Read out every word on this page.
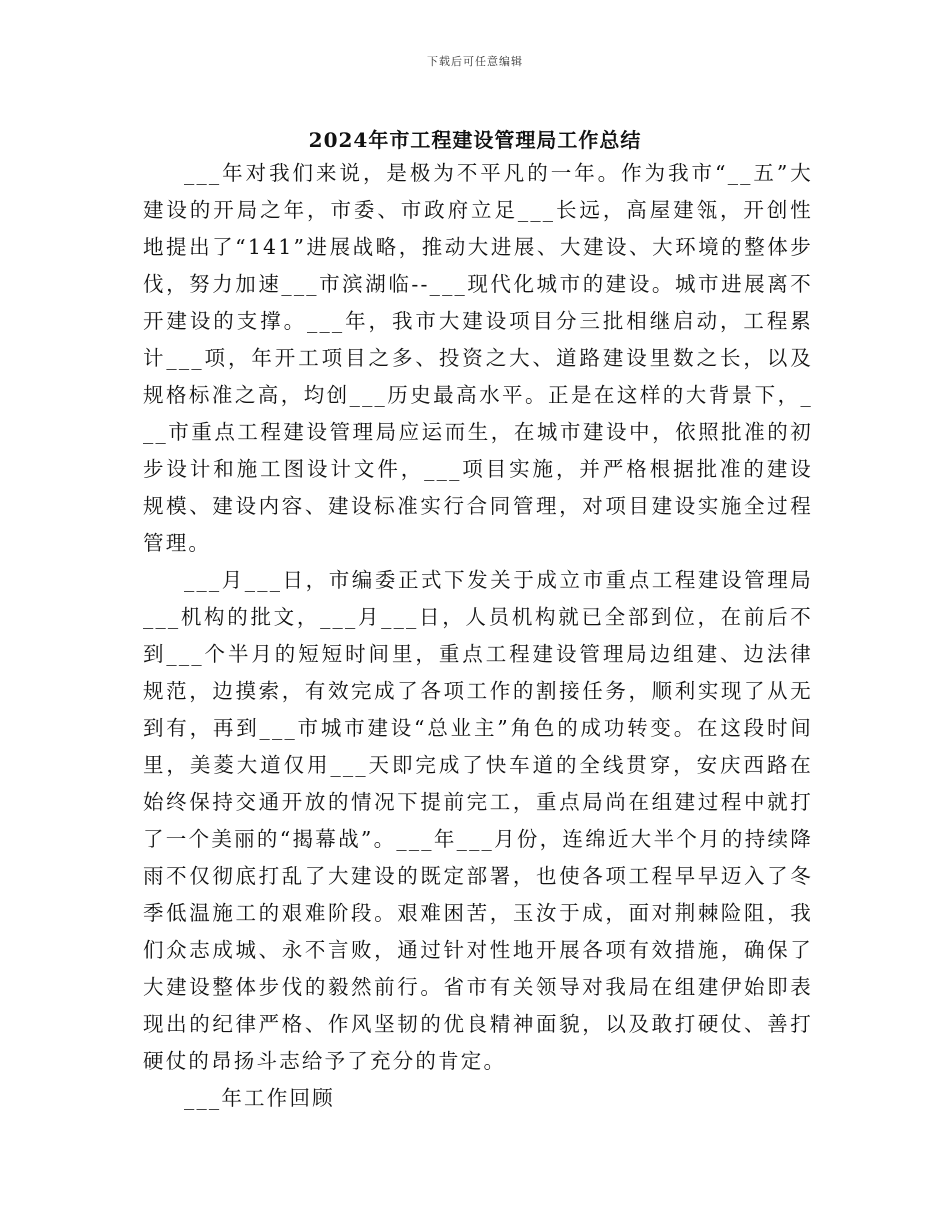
下载后可任意编辑
2024年市工程建设管理局工作总结

___年对我们来说，是极为不平凡的一年。作为我市“__五”大建设的开局之年，市委、市政府立足___长远，高屋建瓴，开创性地提出了“141”进展战略，推动大进展、大建设、大环境的整体步伐，努力加速___市滨湖临--___现代化城市的建设。城市进展离不开建设的支撑。___年，我市大建设项目分三批相继启动，工程累计___项，年开工项目之多、投资之大、道路建设里数之长，以及规格标准之高，均创___历史最高水平。正是在这样的大背景下，___市重点工程建设管理局应运而生，在城市建设中，依照批准的初步设计和施工图设计文件，___项目实施，并严格根据批准的建设规模、建设内容、建设标准实行合同管理，对项目建设实施全过程管理。

___月___日，市编委正式下发关于成立市重点工程建设管理局___机构的批文，___月___日，人员机构就已全部到位，在前后不到___个半月的短短时间里，重点工程建设管理局边组建、边法律规范，边摸索，有效完成了各项工作的割接任务，顺利实现了从无到有，再到___市城市建设“总业主”角色的成功转变。在这段时间里，美菱大道仅用___天即完成了快车道的全线贯穿，安庆西路在始终保持交通开放的情况下提前完工，重点局尚在组建过程中就打了一个美丽的“揭幕战”。___年___月份，连绵近大半个月的持续降雨不仅彻底打乱了大建设的既定部署，也使各项工程早早迈入了冬季低温施工的艰难阶段。艰难困苦，玉汝于成，面对荆棘险阻，我们众志成城、永不言败，通过针对性地开展各项有效措施，确保了大建设整体步伐的毅然前行。省市有关领导对我局在组建伊始即表现出的纪律严格、作风坚韧的优良精神面貌，以及敢打硬仗、善打硬仗的昂扬斗志给予了充分的肯定。

___年工作回顾
